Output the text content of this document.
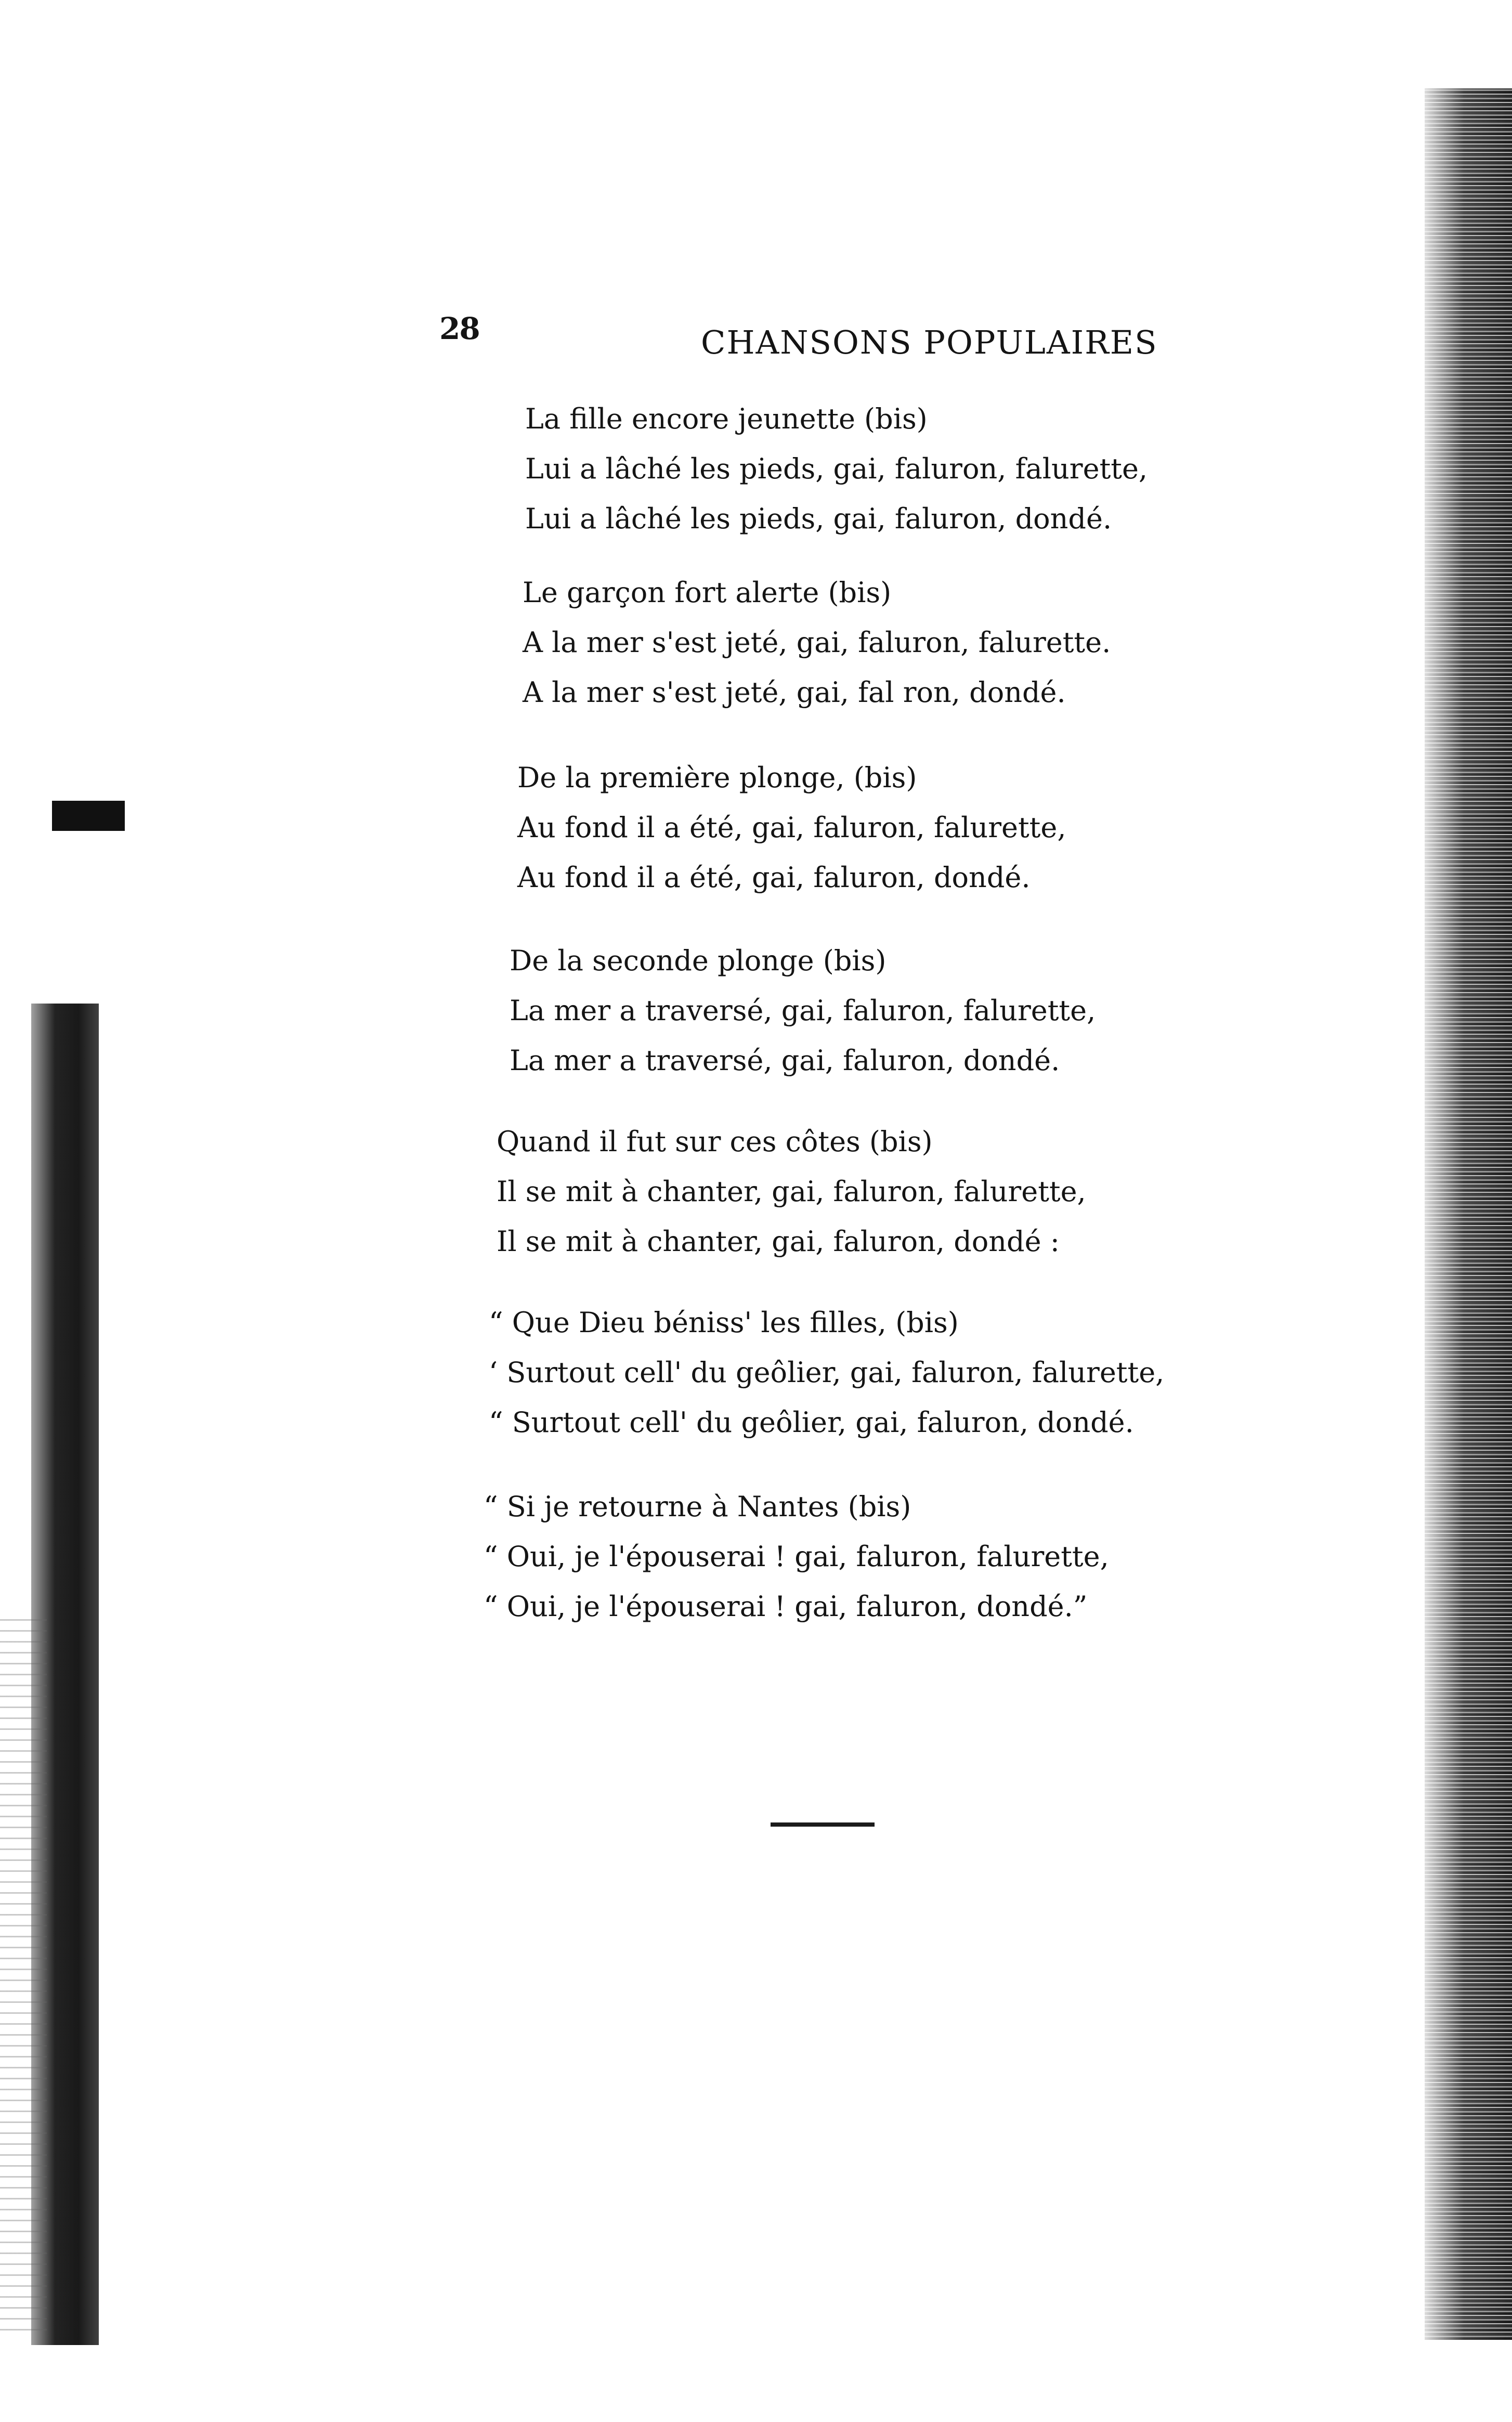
28	CHANSONS POPULAIRES
La fille encore jeunette (bis)
Lui a lâché les pieds, gai, faluron, falurette,
Lui a lâché les pieds, gai, faluron, dondé.
Le garçon fort alerte (bis)
A la mer s'est jeté, gai, faluron, falurette.
A la mer s'est jeté, gai, fal ron, dondé.
De la première plonge, (bis)
Au fond il a été, gai, faluron, falurette,
Au fond il a été, gai, faluron, dondé.
De la seconde plonge (bis)
La mer a traversé, gai, faluron, falurette,
La mer a traversé, gai, faluron, dondé.
Quand il fut sur ces côtes (bis)
Il se mit à chanter, gai, faluron, falurette,
Il se mit à chanter, gai, faluron, dondé :
“ Que Dieu béniss' les filles, (bis)
‘ Surtout cell' du geôlier, gai, faluron, falurette,
“ Surtout cell' du geôlier, gai, faluron, dondé.
“ Si je retourne à Nantes (bis)
“ Oui, je l'épouserai ! gai, faluron, falurette,
“ Oui, je l'épouserai ! gai, faluron, dondé.”
